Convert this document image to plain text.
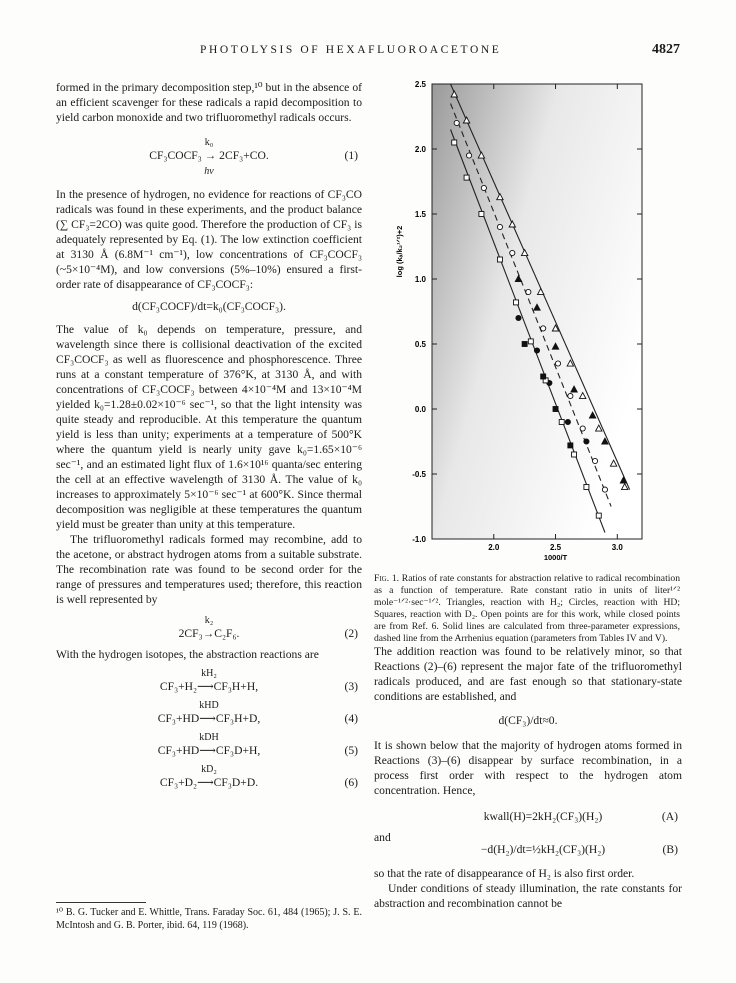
PHOTOLYSIS OF HEXAFLUOROACETONE	4827

formed in the primary decomposition step,¹⁰ but in the absence of an efficient scavenger for these radicals a rapid decomposition to yield carbon monoxide and two trifluoromethyl radicals occurs.

k₀
CF₃COCF₃ → 2CF₃+CO.
hν
(1)

In the presence of hydrogen, no evidence for reactions of CF₃CO radicals was found in these experiments, and the product balance (∑ CF₃=2CO) was quite good. Therefore the production of CF₃ is adequately represented by Eq. (1). The low extinction coefficient at 3130 Å (6.8M⁻¹ cm⁻¹), low concentrations of CF₃COCF₃ (~5×10⁻⁴M), and low conversions (5%–10%) ensured a first-order rate of disappearance of CF₃COCF₃:

d(CF₃COCF)/dt=k₀(CF₃COCF₃).

The value of k₀ depends on temperature, pressure, and wavelength since there is collisional deactivation of the excited CF₃COCF₃ as well as fluorescence and phosphorescence. Three runs at a constant temperature of 376°K, at 3130 Å, and with concentrations of CF₃COCF₃ between 4×10⁻⁴M and 13×10⁻⁴M yielded k₀=1.28±0.02×10⁻⁶ sec⁻¹, so that the light intensity was quite steady and reproducible. At this temperature the quantum yield is less than unity; experiments at a temperature of 500°K where the quantum yield is nearly unity gave k₀=1.65×10⁻⁶ sec⁻¹, and an estimated light flux of 1.6×10¹⁶ quanta/sec entering the cell at an effective wavelength of 3130 Å. The value of k₀ increases to approximately 5×10⁻⁶ sec⁻¹ at 600°K. Since thermal decomposition was negligible at these temperatures the quantum yield must be greater than unity at this temperature.

The trifluoromethyl radicals formed may recombine, add to the acetone, or abstract hydrogen atoms from a suitable substrate. The recombination rate was found to be second order for the range of pressures and temperatures used; therefore, this reaction is well represented by

k₂
2CF₃→C₂F₆.	(2)

With the hydrogen isotopes, the abstraction reactions are

kH₂
CF₃+H₂⟶CF₃H+H,	(3)
kHD
CF₃+HD⟶CF₃H+D,	(4)
kDH
CF₃+HD⟶CF₃D+H,	(5)
kD₂
CF₃+D₂⟶CF₃D+D.	(6)
¹⁰ B. G. Tucker and E. Whittle, Trans. Faraday Soc. 61, 484 (1965); J. S. E. McIntosh and G. B. Porter, ibid. 64, 119 (1968).
2.5
2.0
1.5
1.0
0.5
0.0
-0.5
-1.0
2.0	2.5	3.0
1000/T
log (kₐ/k₂¹ᐟ²)+2
Fig. 1. Ratios of rate constants for abstraction relative to radical recombination as a function of temperature. Rate constant ratio in units of liter¹ᐟ² mole⁻¹ᐟ²·sec⁻¹ᐟ². Triangles, reaction with H₂; Circles, reaction with HD; Squares, reaction with D₂. Open points are for this work, while closed points are from Ref. 6. Solid lines are calculated from three-parameter expressions, dashed line from the Arrhenius equation (parameters from Tables IV and V).

The addition reaction was found to be relatively minor, so that Reactions (2)–(6) represent the major fate of the trifluoromethyl radicals produced, and are fast enough so that stationary-state conditions are established, and

d(CF₃)/dt≈0.

It is shown below that the majority of hydrogen atoms formed in Reactions (3)–(6) disappear by surface recombination, in a process first order with respect to the hydrogen atom concentration. Hence,

kwall(H)=2kH₂(CF₃)(H₂)	(A)
and
−d(H₂)/dt=½kH₂(CF₃)(H₂)	(B)

so that the rate of disappearance of H₂ is also first order.

Under conditions of steady illumination, the rate constants for abstraction and recombination cannot be
